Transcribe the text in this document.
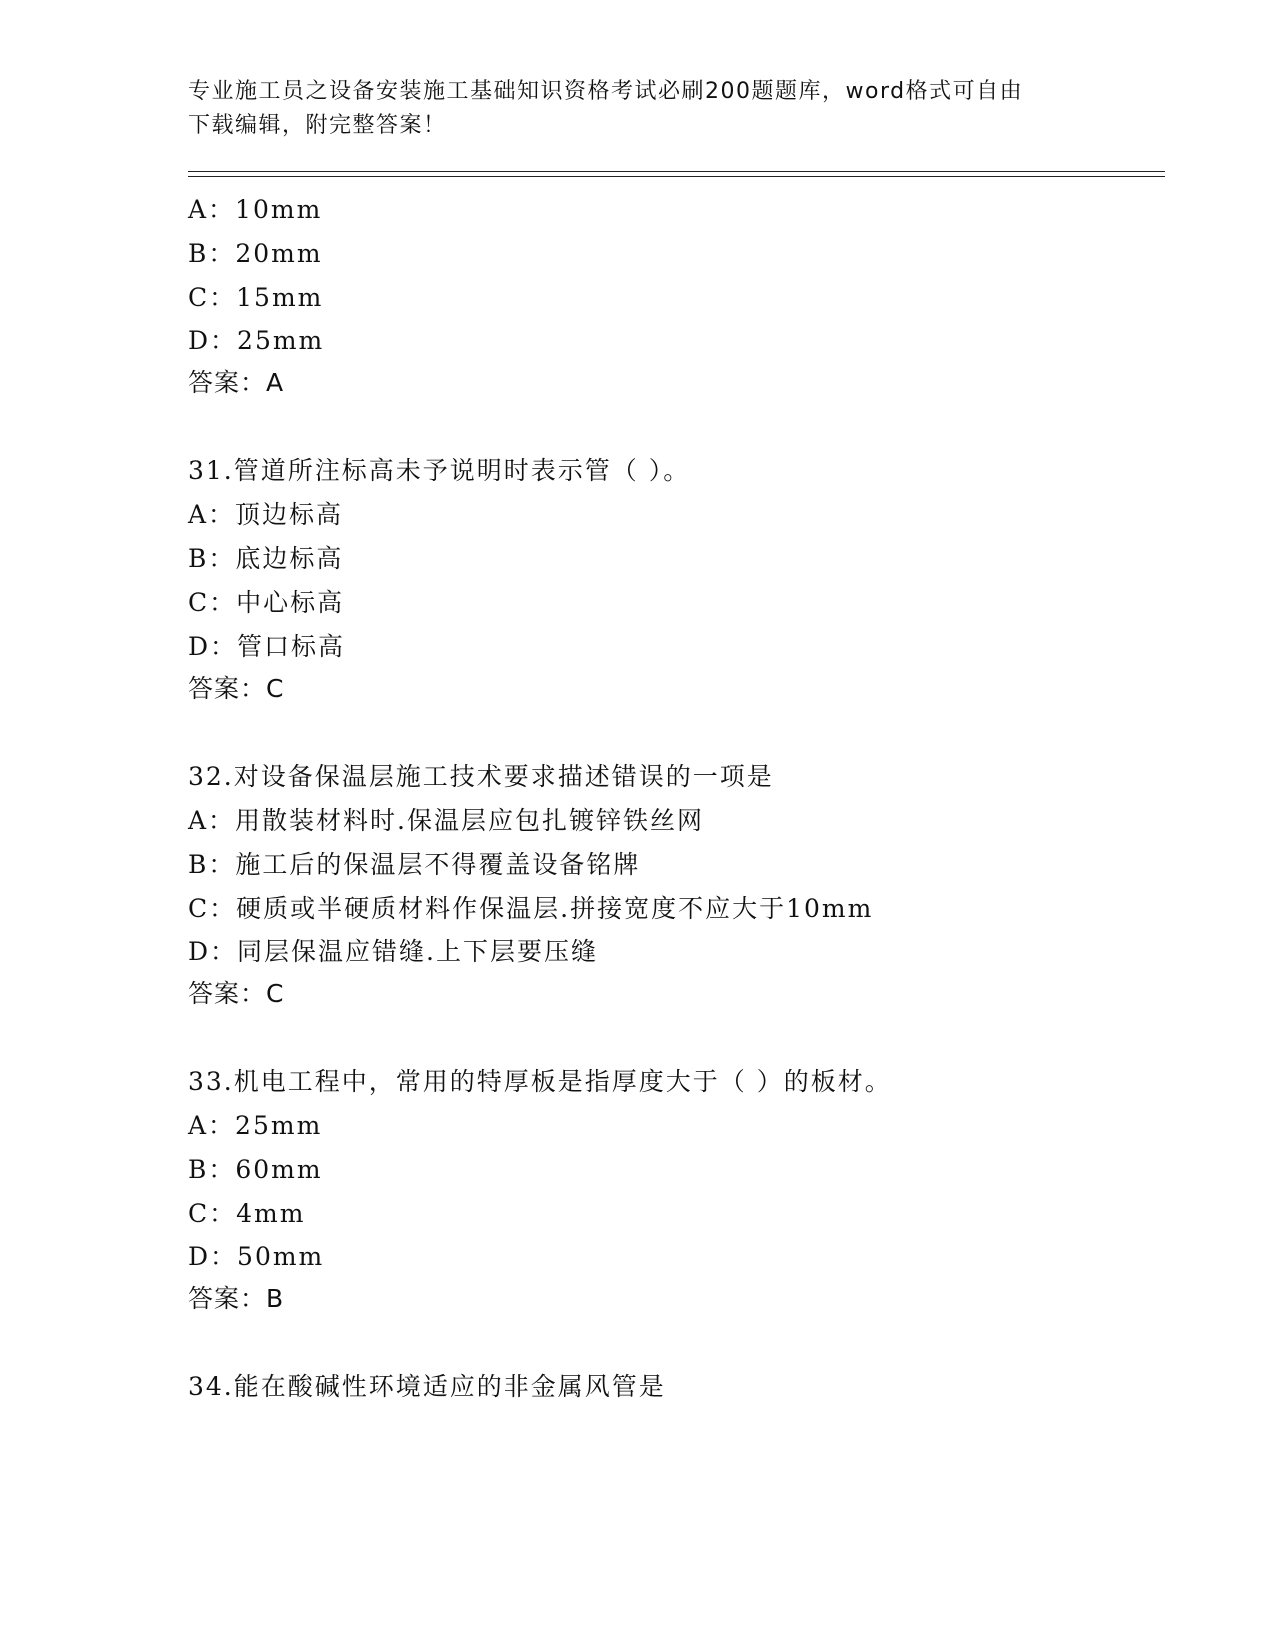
专业施工员之设备安装施工基础知识资格考试必刷200题题库，word格式可自由
下载编辑，附完整答案！
A：10mm
B：20mm
C：15mm
D：25mm
答案：A
31.管道所注标高未予说明时表示管（ ）。
A：顶边标高
B：底边标高
C：中心标高
D：管口标高
答案：C
32.对设备保温层施工技术要求描述错误的一项是
A：用散装材料时.保温层应包扎镀锌铁丝网
B：施工后的保温层不得覆盖设备铭牌
C：硬质或半硬质材料作保温层.拼接宽度不应大于10mm
D：同层保温应错缝.上下层要压缝
答案：C
33.机电工程中，常用的特厚板是指厚度大于（ ）的板材。
A：25mm
B：60mm
C：4mm
D：50mm
答案：B
34.能在酸碱性环境适应的非金属风管是
